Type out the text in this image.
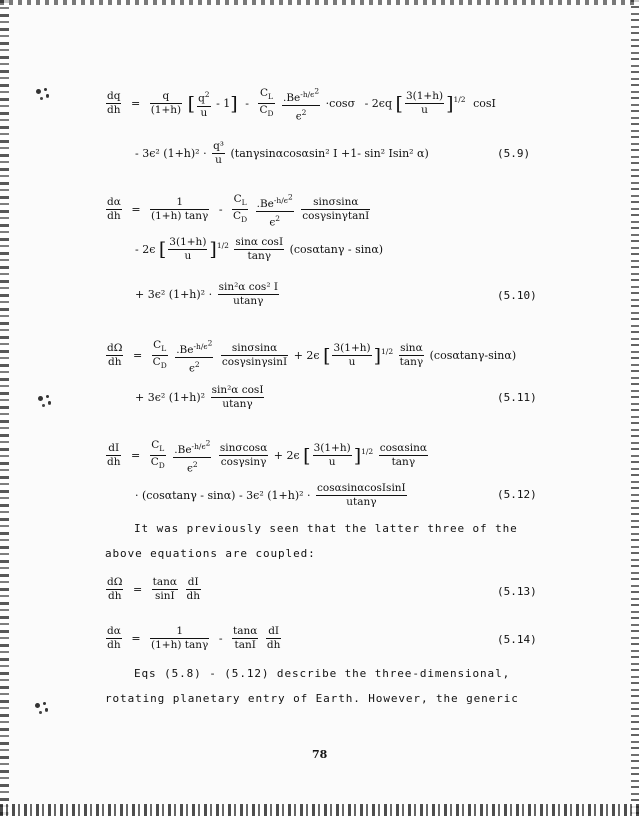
$\frac{dq}{dh} = \frac{q}{(1+h)}$ [ $\frac{q^2}{u} - 1] - \frac{C_L}{C_D}$
$\frac{.Be^{-h/\epsilon^2}}{\epsilon^2} \cdot\cos\sigma - 2\epsilon q$ [ $\frac{3(1+h)}{u} ]^{1/2}$ cosI
- 3ϵ² $(1+h)^2 \cdot \frac{\text{q³}}{u} (\tan\gamma\sin\alpha\cos\alpha\sin^2$ I +1- sin² Isin² α)	(5.9)
$\frac{d\alpha}{dh} = \frac{1}{(1+h) \tan\gamma} - \frac{C_L}{C_D}$
$\frac{.Be^{-h/\epsilon^2}}{\epsilon^2}$
$\frac{\sin\sigma\sin\alpha}{\cos\gamma\sin\gamma\tan I}$
- 2ϵ [ $\frac{3(1+h)}{u} ]^{1/2} \frac{\text{sinα cosI}}{\tan\gamma} (\cos\alpha\tan\gamma - \sin\alpha)$
+ 3ϵ² $(1+h)^2 \cdot \frac{\text{sin²α cos² I}}{utan\gamma}$	(5.10)
$\frac{d\Omega}{dh} = \frac{C_L}{C_D}$
$\frac{.Be^{-h/\epsilon^2}}{\epsilon^2}$
$\frac{\sin\sigma\sin\alpha}{\cos\gamma\sin\gamma\sin I} + 2\epsilon$ [ $\frac{3(1+h)}{u} ]^{1/2} \frac{\sin\alpha}{\tan\gamma} (\cos\alpha\tan\gamma-\sin\alpha)$
+ 3ϵ² $(1+h)^2 \frac{\text{sin²α cosI}}{utan\gamma}$	(5.11)
$\frac{dI}{dh} = \frac{C_L}{C_D}$
$\frac{.Be^{-h/\epsilon^2}}{\epsilon^2}$
$\frac{\sin\sigma\cos\alpha}{\cos\gamma\sin\gamma} + 2\epsilon$ [ $\frac{3(1+h)}{u} ]^{1/2} \frac{\cos\alpha\sin\alpha}{\tan\gamma}$
· (cosαtanγ - sinα) - 3ϵ² $(1+h)^2 \cdot \frac{\text{cosαsinαcosIsinI}}{utan\gamma}$	(5.12)
It was previously seen that the latter three of the
above equations are coupled:
$\frac{d\Omega}{dh} = \frac{\tan\alpha}{\sin I}$
$\frac{dI}{dh}$	(5.13)
$\frac{d\alpha}{dh} = \frac{1}{(1+h) \tan\gamma} - \frac{\tan\alpha}{\tan I}$
$\frac{dI}{dh}$	(5.14)
Eqs (5.8) - (5.12) describe the three-dimensional,
rotating planetary entry of Earth. However, the generic
78
